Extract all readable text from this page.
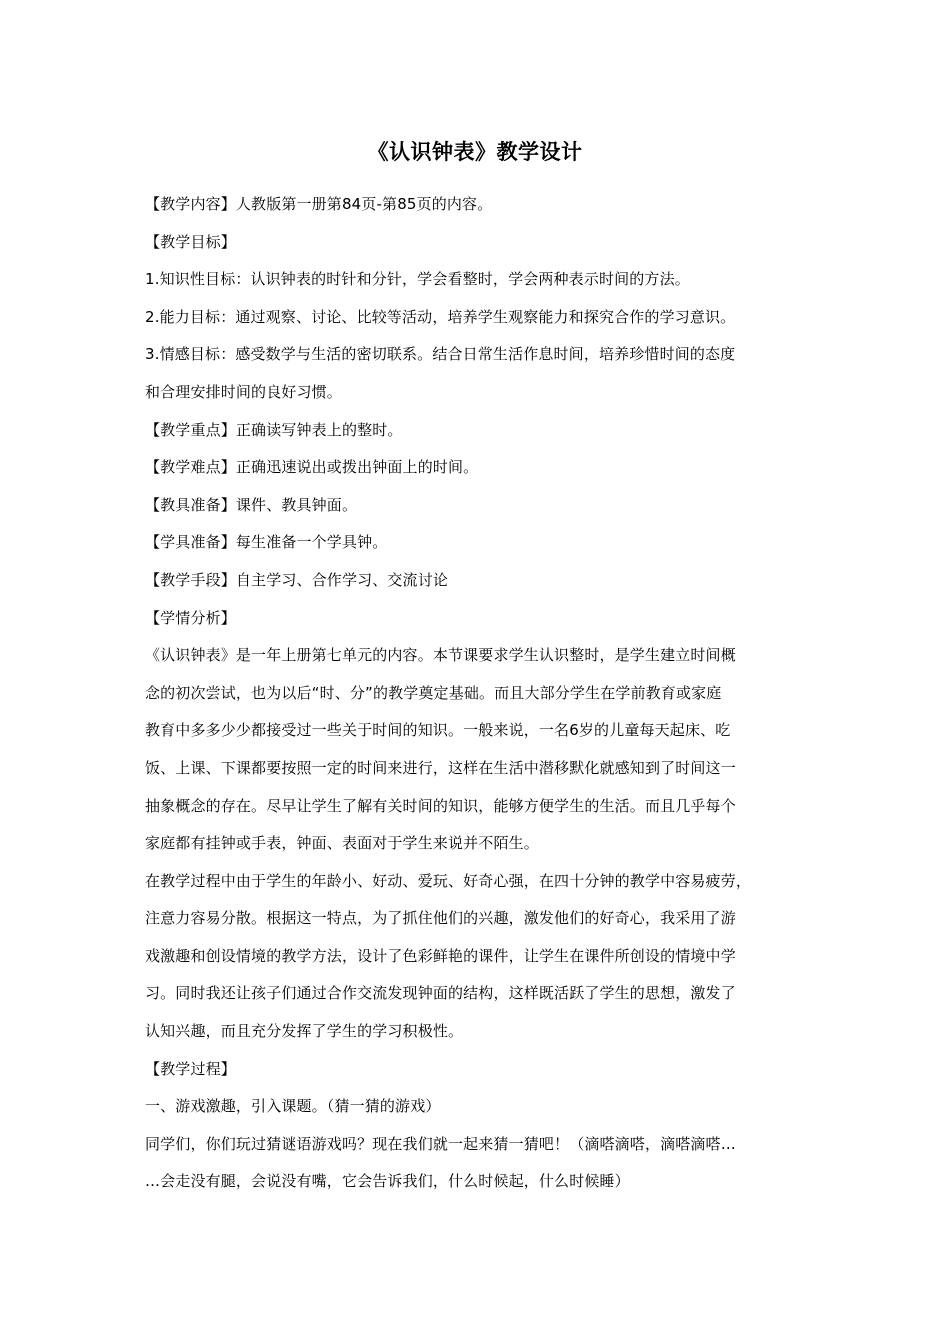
《认识钟表》教学设计
【教学内容】人教版第一册第84页-第85页的内容。
【教学目标】
1.知识性目标：认识钟表的时针和分针，学会看整时，学会两种表示时间的方法。
2.能力目标：通过观察、讨论、比较等活动，培养学生观察能力和探究合作的学习意识。
3.情感目标：感受数学与生活的密切联系。结合日常生活作息时间，培养珍惜时间的态度
和合理安排时间的良好习惯。
【教学重点】正确读写钟表上的整时。
【教学难点】正确迅速说出或拨出钟面上的时间。
【教具准备】课件、教具钟面。
【学具准备】每生准备一个学具钟。
【教学手段】自主学习、合作学习、交流讨论
【学情分析】
《认识钟表》是一年上册第七单元的内容。本节课要求学生认识整时，是学生建立时间概
念的初次尝试，也为以后“时、分”的教学奠定基础。而且大部分学生在学前教育或家庭
教育中多多少少都接受过一些关于时间的知识。一般来说，一名6岁的儿童每天起床、吃
饭、上课、下课都要按照一定的时间来进行，这样在生活中潜移默化就感知到了时间这一
抽象概念的存在。尽早让学生了解有关时间的知识，能够方便学生的生活。而且几乎每个
家庭都有挂钟或手表，钟面、表面对于学生来说并不陌生。
在教学过程中由于学生的年龄小、好动、爱玩、好奇心强，在四十分钟的教学中容易疲劳，
注意力容易分散。根据这一特点，为了抓住他们的兴趣，激发他们的好奇心，我采用了游
戏激趣和创设情境的教学方法，设计了色彩鲜艳的课件，让学生在课件所创设的情境中学
习。同时我还让孩子们通过合作交流发现钟面的结构，这样既活跃了学生的思想，激发了
认知兴趣，而且充分发挥了学生的学习积极性。
【教学过程】
一、游戏激趣，引入课题。（猜一猜的游戏）
同学们，你们玩过猜谜语游戏吗？现在我们就一起来猜一猜吧！（滴嗒滴嗒，滴嗒滴嗒…
…会走没有腿，会说没有嘴，它会告诉我们，什么时候起，什么时候睡）
